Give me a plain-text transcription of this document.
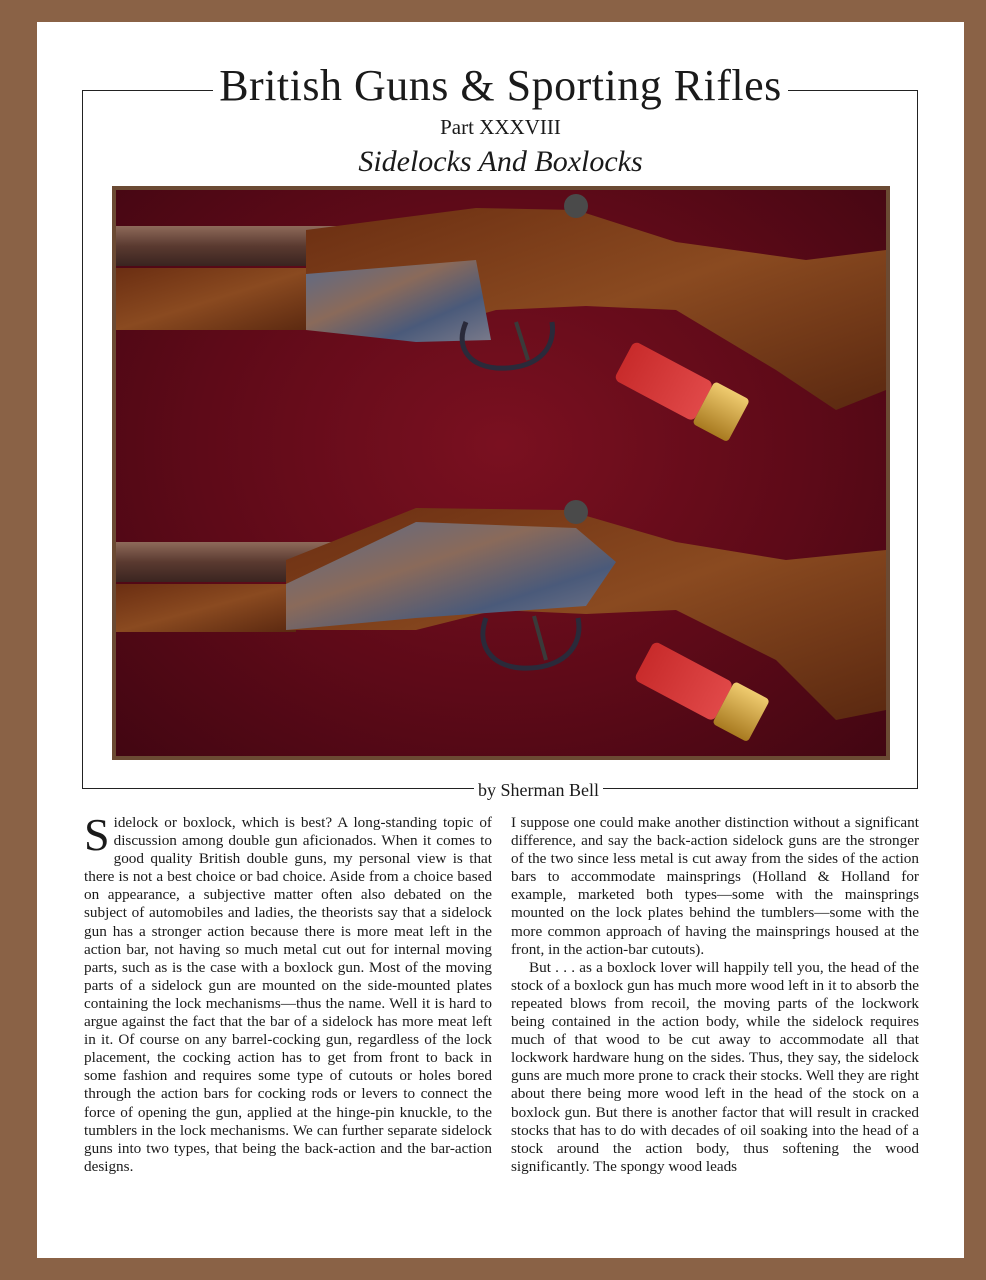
British Guns & Sporting Rifles
Part XXXVIII
Sidelocks And Boxlocks
by Sherman Bell

Sidelock or boxlock, which is best? A long-standing topic of discussion among double gun aficionados. When it comes to good quality British double guns, my personal view is that there is not a best choice or bad choice. Aside from a choice based on appearance, a subjective matter often also debated on the subject of automobiles and ladies, the theorists say that a sidelock gun has a stronger action because there is more meat left in the action bar, not having so much metal cut out for internal moving parts, such as is the case with a boxlock gun. Most of the moving parts of a sidelock gun are mounted on the side-mounted plates containing the lock mechanisms—thus the name. Well it is hard to argue against the fact that the bar of a sidelock has more meat left in it. Of course on any barrel-cocking gun, regardless of the lock placement, the cocking action has to get from front to back in some fashion and requires some type of cutouts or holes bored through the action bars for cocking rods or levers to connect the force of opening the gun, applied at the hinge-pin knuckle, to the tumblers in the lock mechanisms. We can further separate sidelock guns into two types, that being the back-action and the bar-action designs.

I suppose one could make another distinction without a significant difference, and say the back-action sidelock guns are the stronger of the two since less metal is cut away from the sides of the action bars to accommodate mainsprings (Holland & Holland for example, marketed both types—some with the mainsprings mounted on the lock plates behind the tumblers—some with the more common approach of having the mainsprings housed at the front, in the action-bar cutouts).

But . . . as a boxlock lover will happily tell you, the head of the stock of a boxlock gun has much more wood left in it to absorb the repeated blows from recoil, the moving parts of the lockwork being contained in the action body, while the sidelock requires much of that wood to be cut away to accommodate all that lockwork hardware hung on the sides. Thus, they say, the sidelock guns are much more prone to crack their stocks. Well they are right about there being more wood left in the head of the stock on a boxlock gun. But there is another factor that will result in cracked stocks that has to do with decades of oil soaking into the head of a stock around the action body, thus softening the wood significantly. The spongy wood leads
